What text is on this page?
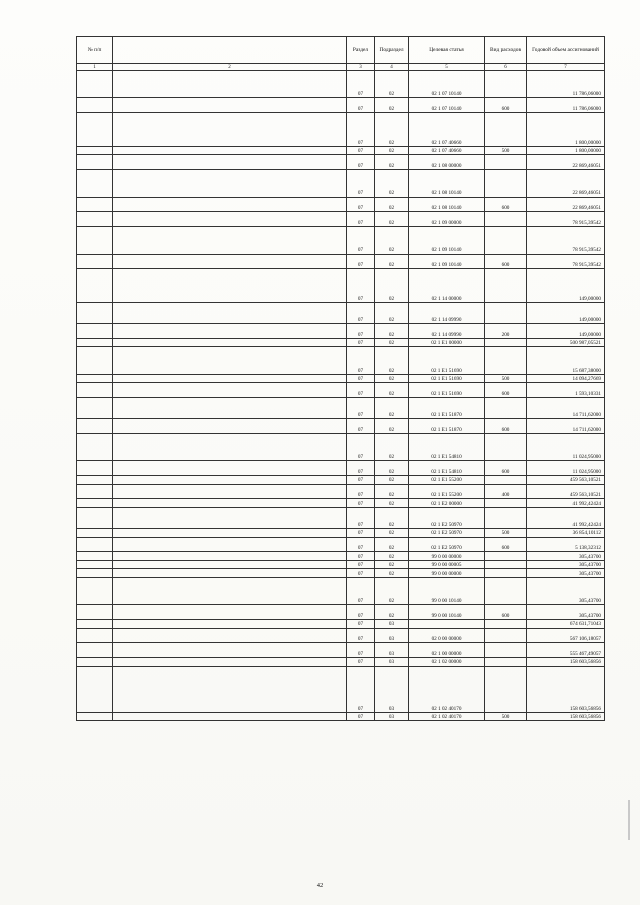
№ п/п		Раздел	Подраздел	Целевая статья	Вид расходов	Годовой объем ассигнований
1	2	3	4	5	6	7
		07	02	02 1 07 10140		11 786,06000
		07	02	02 1 07 10140	600	11 786,06000
		07	02	02 1 07 40660		1 800,00000
		07	02	02 1 07 40660	500	1 800,00000
		07	02	02 1 08 00000		22 869,46051
		07	02	02 1 08 10140		22 869,46051
		07	02	02 1 08 10140	600	22 869,46051
		07	02	02 1 09 00000		78 915,39542
		07	02	02 1 09 10140		78 915,39542
		07	02	02 1 09 10140	600	78 915,39542
		07	02	02 1 14 00000		149,00000
		07	02	02 1 14 09990		149,00000
		07	02	02 1 14 09990	200	149,00000
		07	02	02 1 E1 00000		500 987,05521
		07	02	02 1 E1 51690		15 687,38000
		07	02	02 1 E1 51690	500	14 094,27669
		07	02	02 1 E1 51690	600	1 593,10331
		07	02	02 1 E1 51870		14 711,62000
		07	02	02 1 E1 51870	600	14 711,62000
		07	02	02 1 E1 54810		11 024,95000
		07	02	02 1 E1 54810	600	11 024,95000
		07	02	02 1 E1 55200		459 563,10521
		07	02	02 1 E1 55200	400	459 563,10521
		07	02	02 1 E2 00000		41 992,42424
		07	02	02 1 E2 50970		41 992,42424
		07	02	02 1 E2 50970	500	36 854,10112
		07	02	02 1 E2 50970	600	5 138,32312
		07	02	99 0 00 00000		305,43700
		07	02	99 0 00 00005		305,43700
		07	02	99 0 00 00000		305,43700
		07	02	99 0 00 10140		305,43700
		07	02	99 0 00 10140	600	305,43700
		07	03			674 631,71043
		07	03	02 0 00 00000		567 106,18057
		07	03	02 1 00 00000		555 467,49057
		07	03	02 1 02 00000		158 603,56856
		07	03	02 1 02 40170		158 603,56856
		07	03	02 1 02 40170	500	158 603,56856
42
